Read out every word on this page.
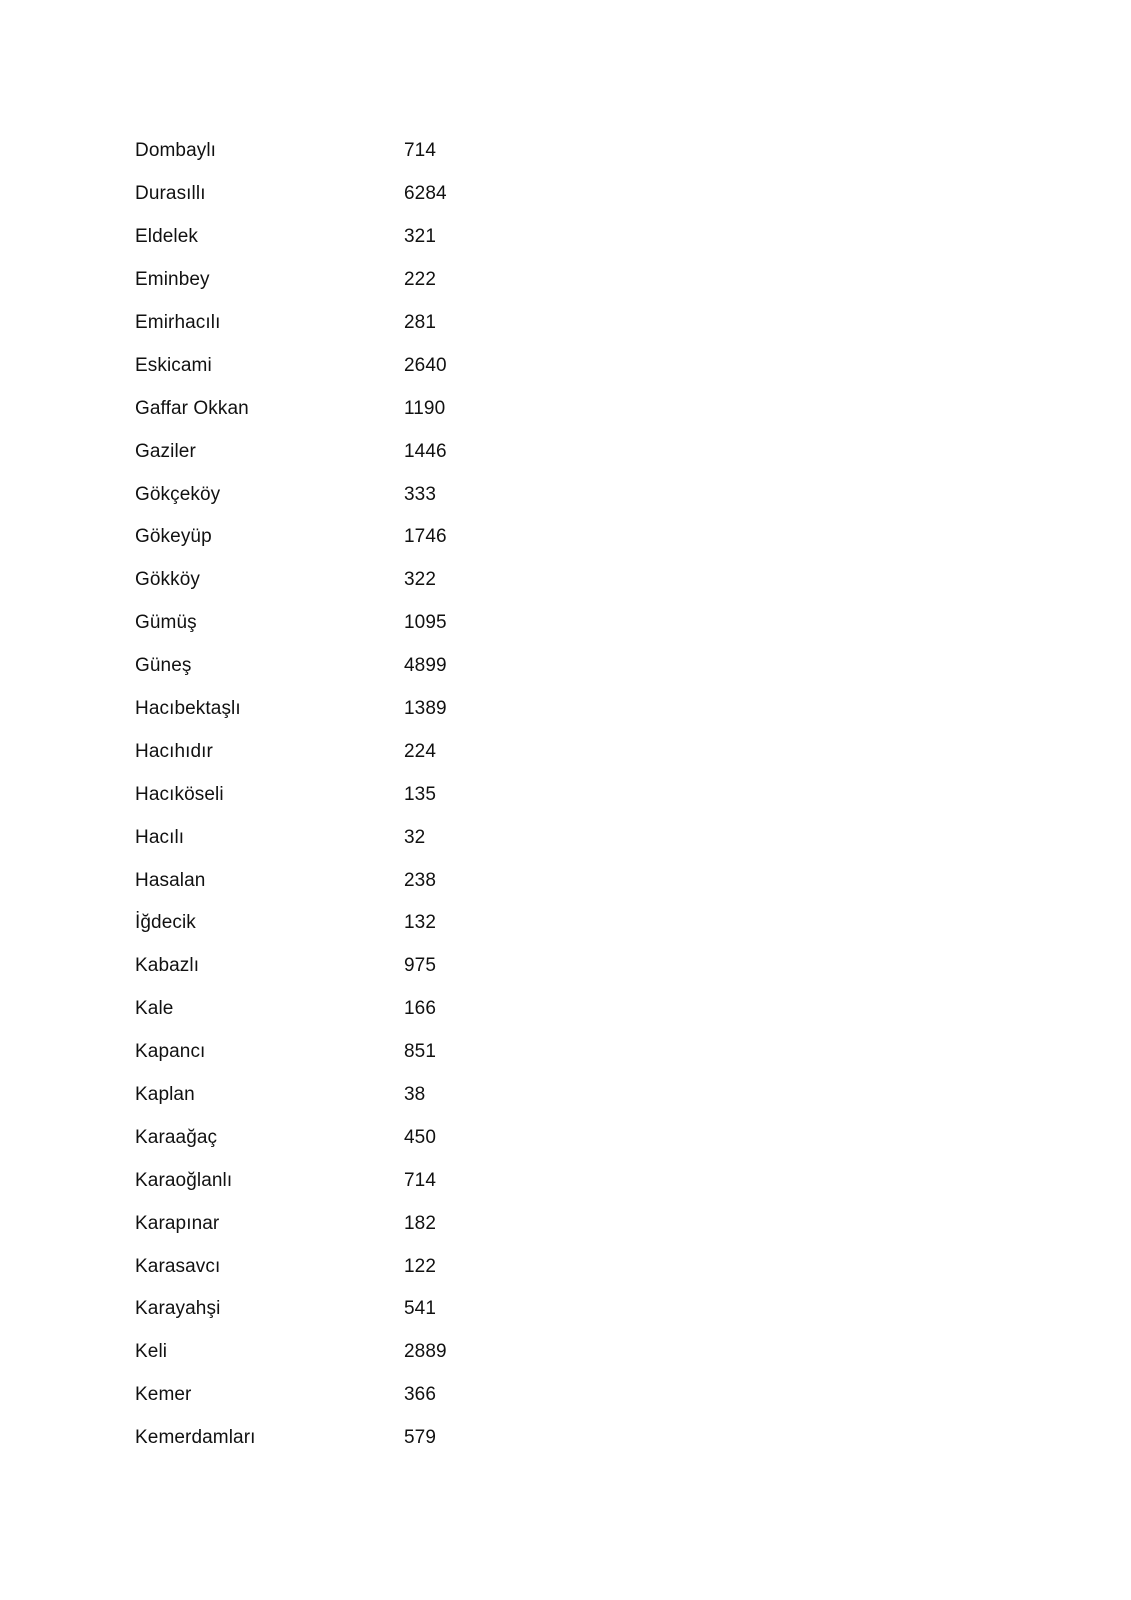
Dombaylı	714
Durasıllı	6284
Eldelek	321
Eminbey	222
Emirhacılı	281
Eskicami	2640
Gaffar Okkan	1190
Gaziler	1446
Gökçeköy	333
Gökeyüp	1746
Gökköy	322
Gümüş	1095
Güneş	4899
Hacıbektaşlı	1389
Hacıhıdır	224
Hacıköseli	135
Hacılı	32
Hasalan	238
İğdecik	132
Kabazlı	975
Kale	166
Kapancı	851
Kaplan	38
Karaağaç	450
Karaoğlanlı	714
Karapınar	182
Karasavcı	122
Karayahşi	541
Keli	2889
Kemer	366
Kemerdamları	579
